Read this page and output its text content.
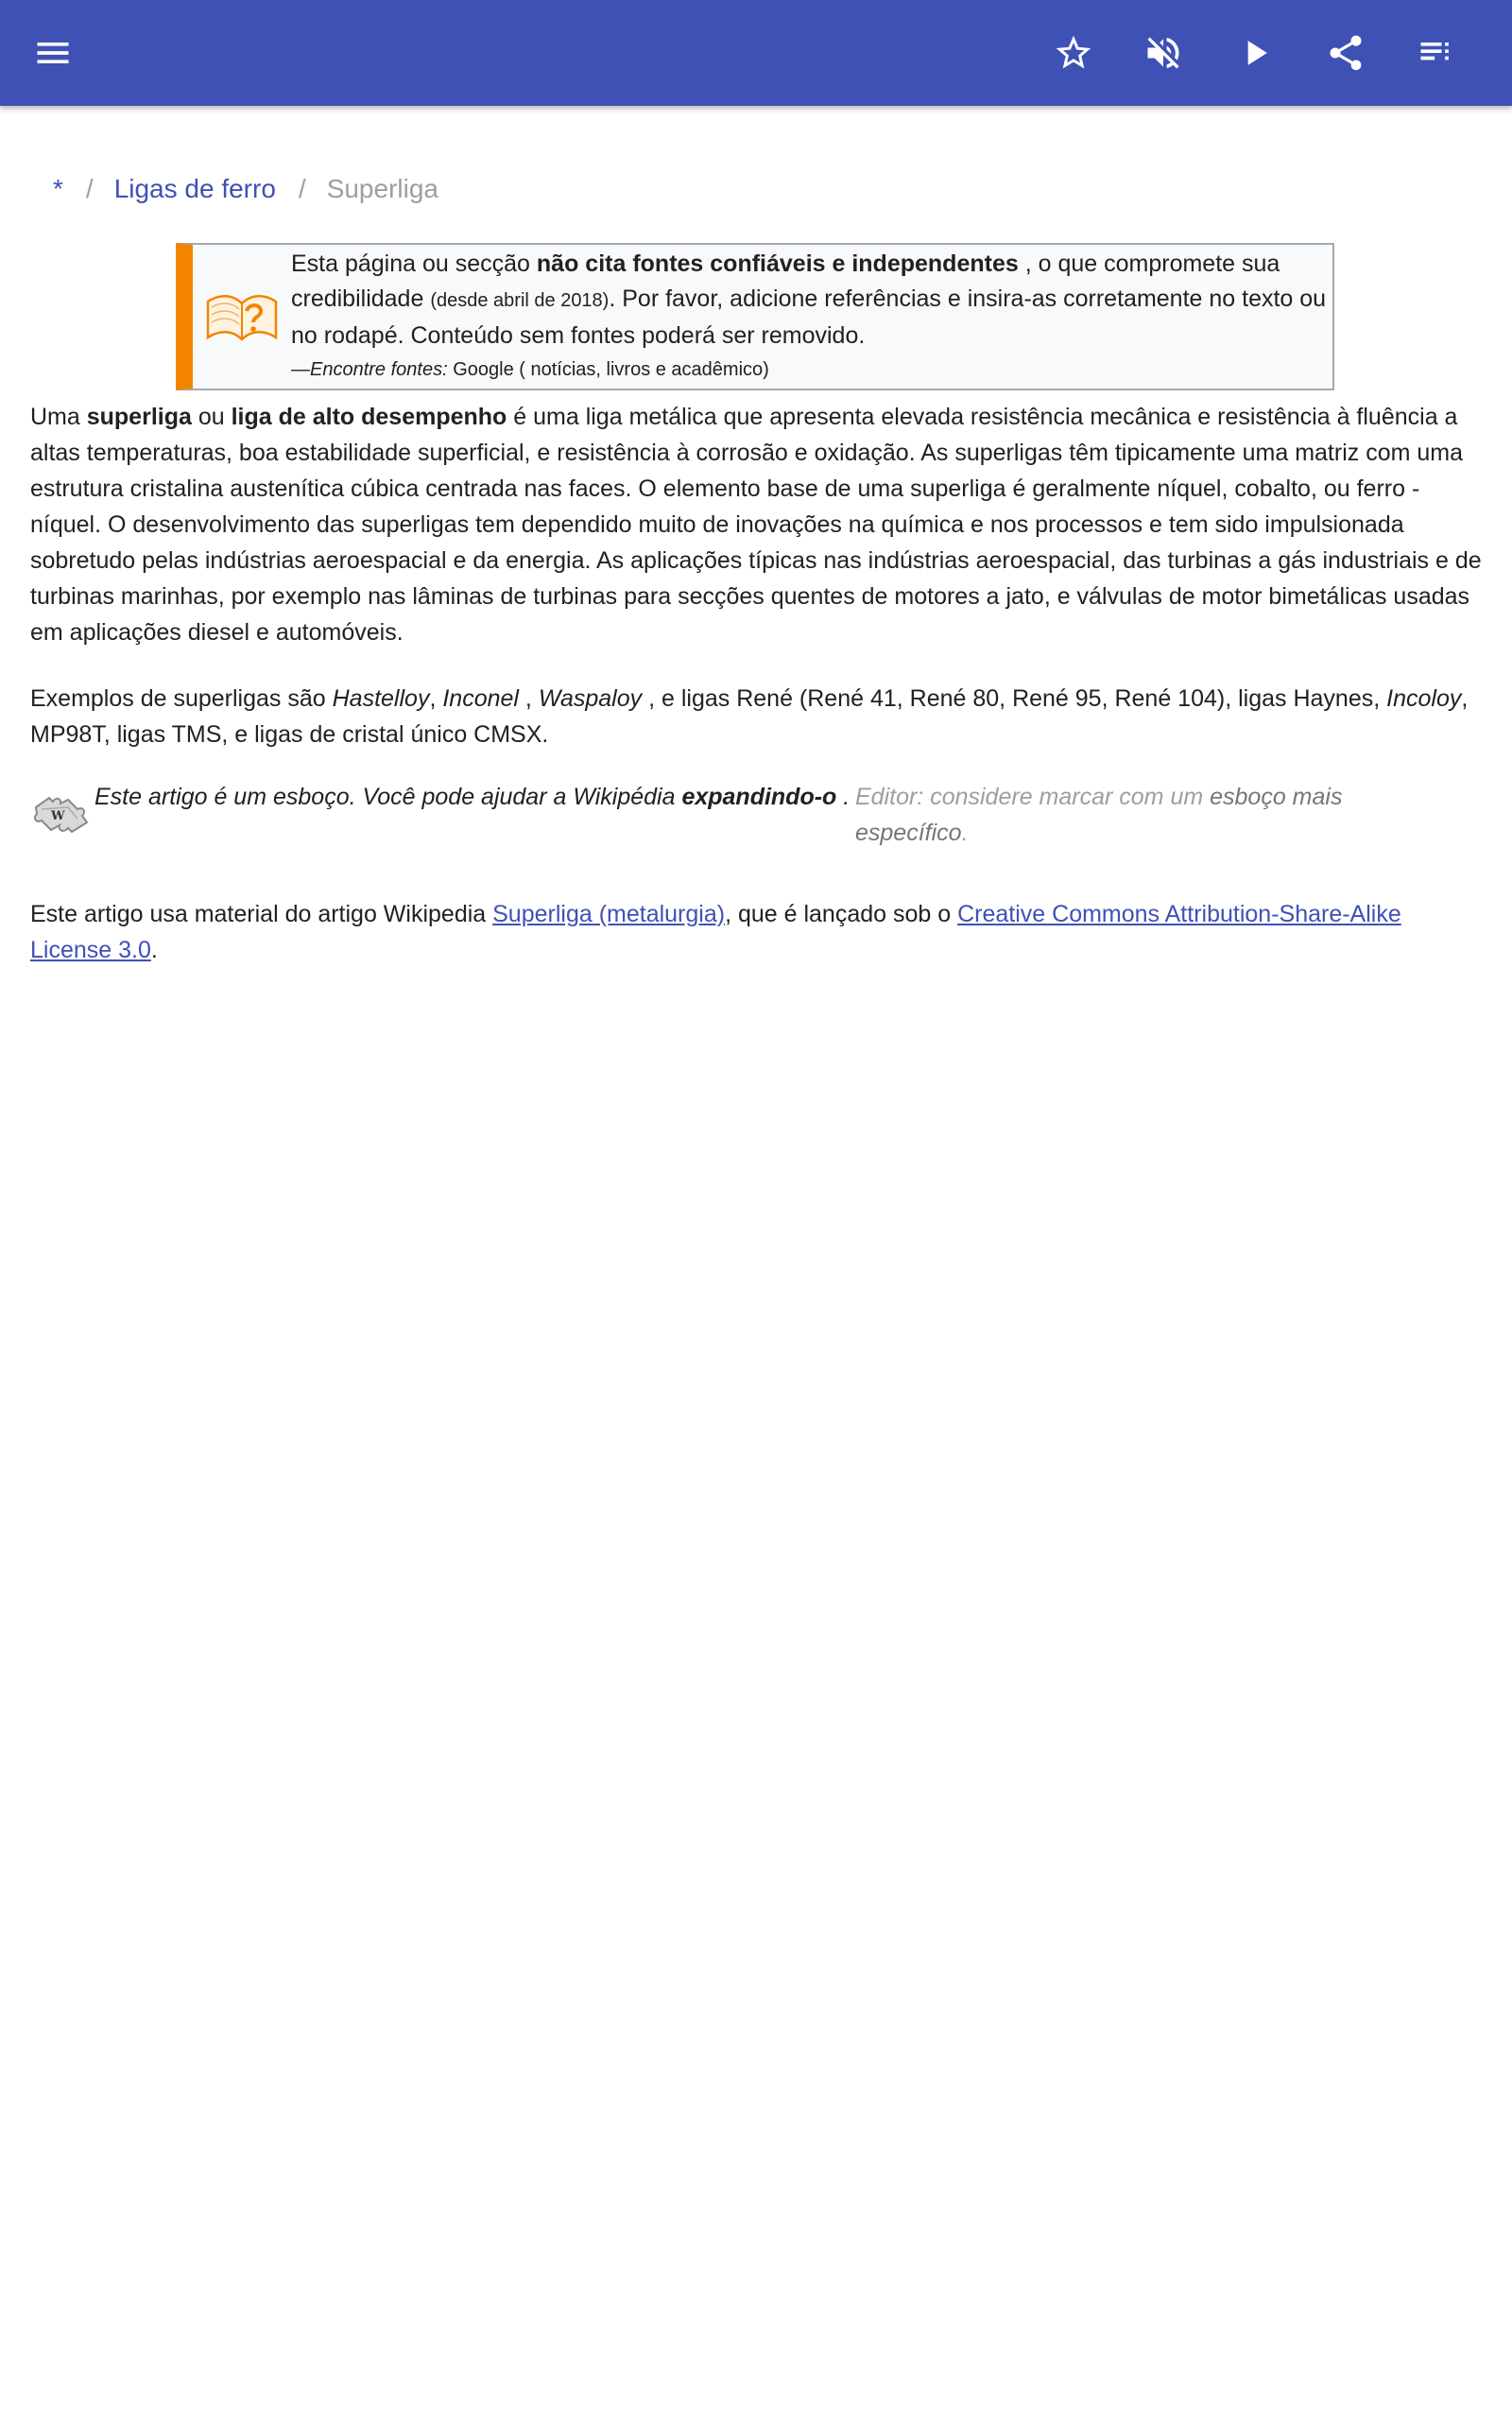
* / Ligas de ferro / Superliga
Esta página ou secção não cita fontes confiáveis e independentes , o que compromete sua credibilidade (desde abril de 2018). Por favor, adicione referências e insira-as corretamente no texto ou no rodapé. Conteúdo sem fontes poderá ser removido.
—Encontre fontes: Google ( notícias, livros e acadêmico)

Uma superliga ou liga de alto desempenho é uma liga metálica que apresenta elevada resistência mecânica e resistência à fluência a altas temperaturas, boa estabilidade superficial, e resistência à corrosão e oxidação. As superligas têm tipicamente uma matriz com uma estrutura cristalina austenítica cúbica centrada nas faces. O elemento base de uma superliga é geralmente níquel, cobalto, ou ferro - níquel. O desenvolvimento das superligas tem dependido muito de inovações na química e nos processos e tem sido impulsionada sobretudo pelas indústrias aeroespacial e da energia. As aplicações típicas nas indústrias aeroespacial, das turbinas a gás industriais e de turbinas marinhas, por exemplo nas lâminas de turbinas para secções quentes de motores a jato, e válvulas de motor bimetálicas usadas em aplicações diesel e automóveis.

Exemplos de superligas são Hastelloy, Inconel , Waspaloy , e ligas René (René 41, René 80, René 95, René 104), ligas Haynes, Incoloy, MP98T, ligas TMS, e ligas de cristal único CMSX.

W
Este artigo é um esboço. Você pode ajudar a Wikipédia expandindo-o . Editor: considere marcar com um esboço mais específico.

Este artigo usa material do artigo Wikipedia Superliga (metalurgia), que é lançado sob o Creative Commons Attribution-Share-Alike License 3.0.
